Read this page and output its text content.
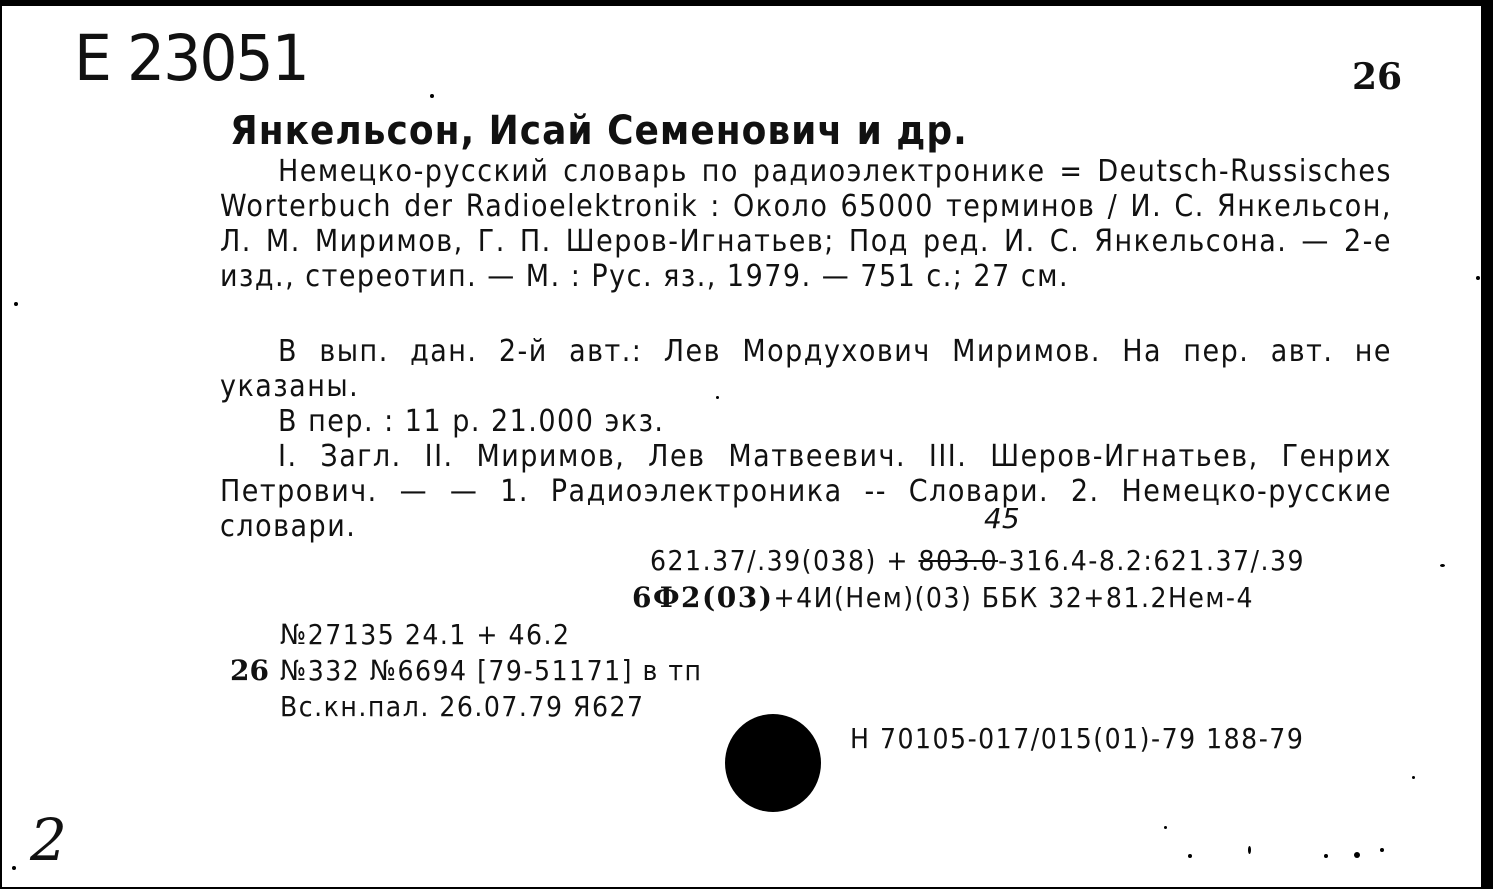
Е 23051	26
Янкельсон, Исай Семенович и др.
Немецко-русский словарь по радиоэлектронике = Deutsch-Russisches Worterbuch der Radioelektronik : Около 65000 терминов / И. С. Янкельсон, Л. М. Миримов, Г. П. Шеров-Игнатьев; Под ред. И. С. Янкельсона. — 2-е изд., стереотип. — М. : Рус. яз., 1979. — 751 с.; 27 см.
В вып. дан. 2-й авт.: Лев Мордухович Миримов. На пер. авт. не указаны.
В пер. : 11 р. 21.000 экз.
I. Загл. II. Миримов, Лев Матвеевич. III. Шеров-Игнатьев, Генрих Петрович. — — 1. Радиоэлектроника -- Словари. 2. Немецко-русские словари.	45
621.37/.39(038) + 803.0-316.4-8.2:621.37/.39
6Ф2(03)+4И(Нем)(03) ББК 32+81.2Нем-4
№27135 24.1 + 46.2
26 №332 №6694 [79-51171] в тп
Вс.кн.пал. 26.07.79 Я627
Н 70105-017/015(01)-79 188-79
2
